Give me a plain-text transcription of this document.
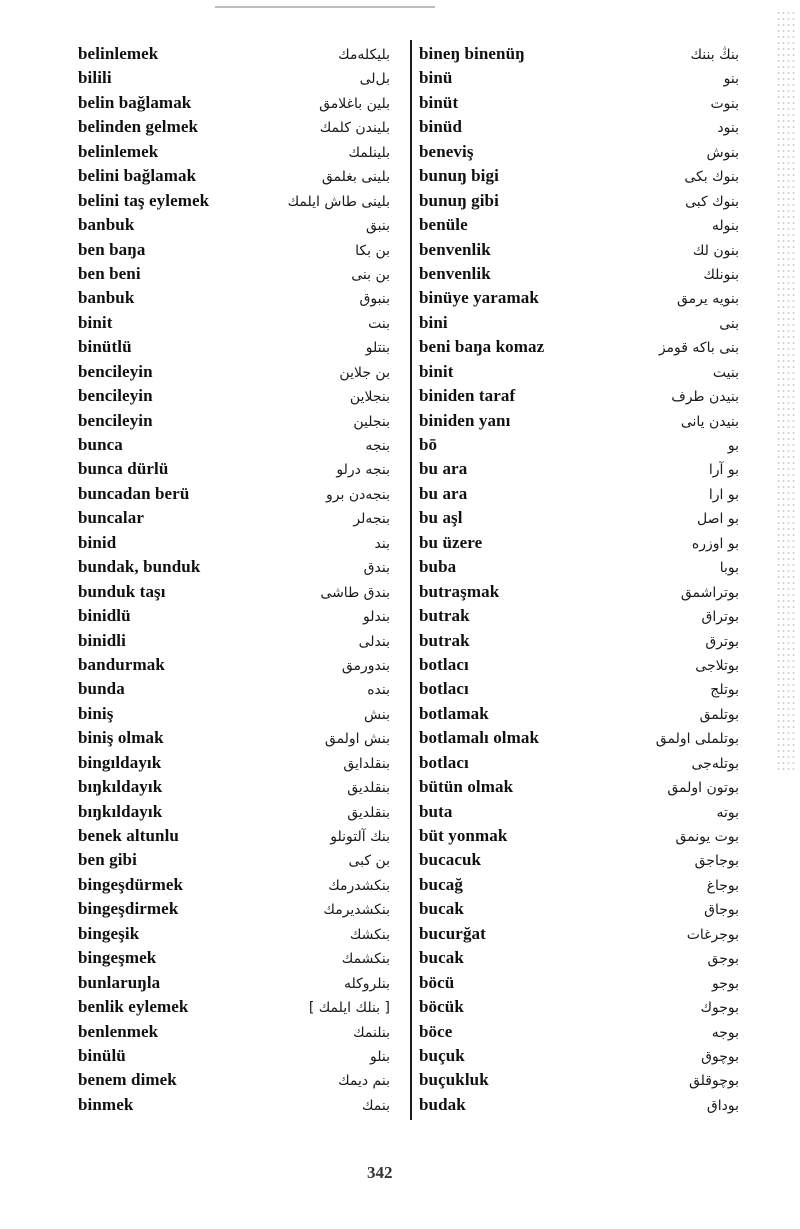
belinlemek	بلیکلەمك
bilili	بل‌لی
belin bağlamak	بلین باغلامق
belinden gelmek	بلیندن کلمك
belinlemek	بلینلمك
belini bağlamak	بلینی بغلمق
belini taş eylemek	بلینی طاش ایلمك
banbuk	بنبق
ben baŋa	بن بکا
ben beni	بن بنی
banbuk	بنبوق
binit	بنت
binütlü	بنتلو
bencileyin	بن جلاین
bencileyin	بنجلاین
bencileyin	بنجلین
bunca	بنجه
bunca dürlü	بنجه درلو
buncadan berü	بنجه‌دن برو
buncalar	بنجه‌لر
binid	بند
bundak, bunduk	بندق
bunduk taşı	بندق طاشی
binidlü	بندلو
binidli	بندلی
bandurmak	بندورمق
bunda	بنده
biniş	بنش
biniş olmak	بنش اولمق
bingıldayık	بنقلدایق
bıŋkıldayık	بنقلدیق
bıŋkıldayık	بنقلدیق
benek altunlu	بنك آلتونلو
ben gibi	بن کبی
bingeşdürmek	بنکشدرمك
bingeşdirmek	بنکشدیرمك
bingeşik	بنکشك
bingeşmek	بنکشمك
bunlaruŋla	بنلروکله
benlik eylemek	[ بنلك ایلمك ]
benlenmek	بنلنمك
binülü	بنلو
benem dimek	بنم دیمك
binmek	بنمك
bineŋ binenüŋ	بنڭ بننك
binü	بنو
binüt	بنوت
binüd	بنود
beneviş	بنوش
bunuŋ bigi	بنوك بکی
bunuŋ gibi	بنوك کبی
benüle	بنوله
benvenlik	بنون لك
benvenlik	بنونلك
binüye yaramak	بنویه یرمق
bini	بنی
beni baŋa komaz	بنی باکه قومز
binit	بنیت
biniden taraf	بنیدن طرف
biniden yanı	بنیدن یانی
bō	بو
bu ara	بو آرا
bu ara	بو ارا
bu aşl	بو اصل
bu üzere	بو اوزره
buba	بوبا
butraşmak	بوتراشمق
butrak	بوتراق
butrak	بوترق
botlacı	بوتلاجی
botlacı	بوتلج
botlamak	بوتلمق
botlamalı olmak	بوتلملی اولمق
botlacı	بوتله‌جی
bütün olmak	بوتون اولمق
buta	بوته
büt yonmak	بوت یونمق
bucacuk	بوجاجق
bucağ	بوجاغ
bucak	بوجاق
bucurğat	بوجرغات
bucak	بوجق
böcü	بوجو
böcük	بوجوك
böce	بوجه
buçuk	بوچوق
buçukluk	بوچوقلق
budak	بوداق
342
